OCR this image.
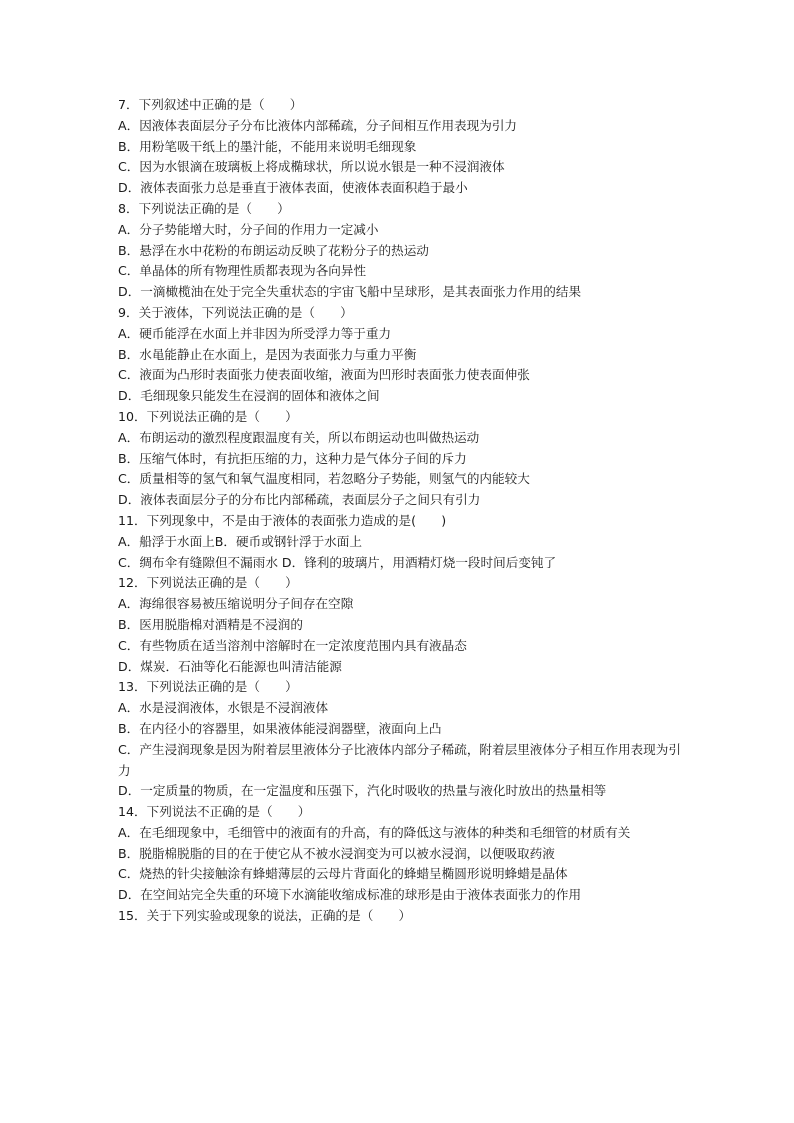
7．下列叙述中正确的是（　　）
A．因液体表面层分子分布比液体内部稀疏，分子间相互作用表现为引力
B．用粉笔吸干纸上的墨汁能，不能用来说明毛细现象
C．因为水银滴在玻璃板上将成椭球状，所以说水银是一种不浸润液体
D．液体表面张力总是垂直于液体表面，使液体表面积趋于最小
8．下列说法正确的是（　　）
A．分子势能增大时，分子间的作用力一定减小
B．悬浮在水中花粉的布朗运动反映了花粉分子的热运动
C．单晶体的所有物理性质都表现为各向异性
D．一滴橄榄油在处于完全失重状态的宇宙飞船中呈球形，是其表面张力作用的结果
9．关于液体，下列说法正确的是（　　）
A．硬币能浮在水面上并非因为所受浮力等于重力
B．水黾能静止在水面上，是因为表面张力与重力平衡
C．液面为凸形时表面张力使表面收缩，液面为凹形时表面张力使表面伸张
D．毛细现象只能发生在浸润的固体和液体之间
10．下列说法正确的是（　　）
A．布朗运动的激烈程度跟温度有关，所以布朗运动也叫做热运动
B．压缩气体时，有抗拒压缩的力，这种力是气体分子间的斥力
C．质量相等的氢气和氧气温度相同，若忽略分子势能，则氢气的内能较大
D．液体表面层分子的分布比内部稀疏，表面层分子之间只有引力
11．下列现象中，不是由于液体的表面张力造成的是(　　)
A．船浮于水面上B．硬币或钢针浮于水面上
C．绸布伞有缝隙但不漏雨水 D．锋利的玻璃片，用酒精灯烧一段时间后变钝了
12．下列说法正确的是（　　）
A．海绵很容易被压缩说明分子间存在空隙
B．医用脱脂棉对酒精是不浸润的
C．有些物质在适当溶剂中溶解时在一定浓度范围内具有液晶态
D．煤炭．石油等化石能源也叫清洁能源
13．下列说法正确的是（　　）
A．水是浸润液体，水银是不浸润液体
B．在内径小的容器里，如果液体能浸润器壁，液面向上凸
C．产生浸润现象是因为附着层里液体分子比液体内部分子稀疏，附着层里液体分子相互作用表现为引力
D．一定质量的物质，在一定温度和压强下，汽化时吸收的热量与液化时放出的热量相等
14．下列说法不正确的是（　　）
A．在毛细现象中，毛细管中的液面有的升高，有的降低这与液体的种类和毛细管的材质有关
B．脱脂棉脱脂的目的在于使它从不被水浸润变为可以被水浸润，以便吸取药液
C．烧热的针尖接触涂有蜂蜡薄层的云母片背面化的蜂蜡呈椭圆形说明蜂蜡是晶体
D．在空间站完全失重的环境下水滴能收缩成标准的球形是由于液体表面张力的作用
15．关于下列实验或现象的说法，正确的是（　　）
